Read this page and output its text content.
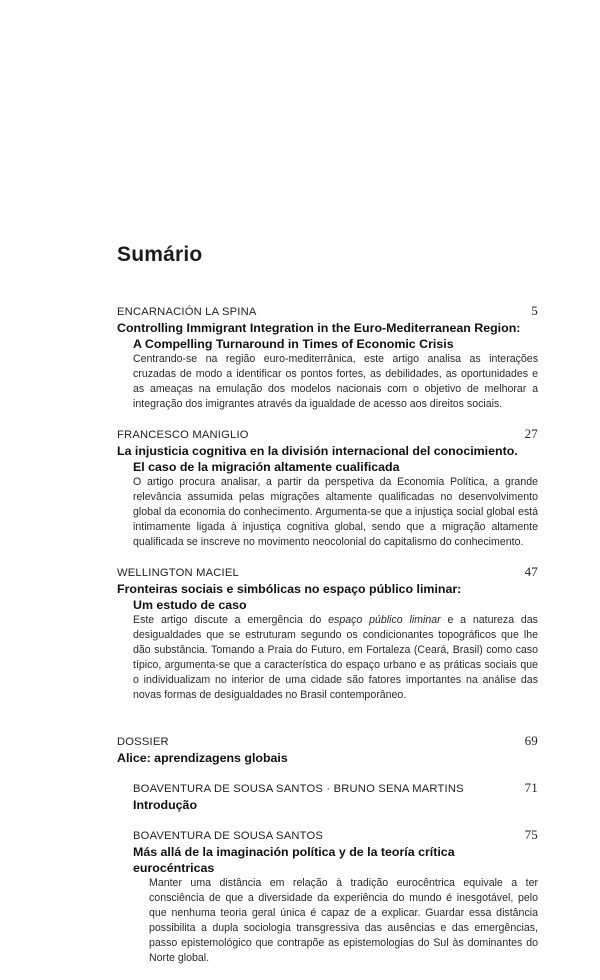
Sumário
ENCARNACIÓN LA SPINA	5
Controlling Immigrant Integration in the Euro-Mediterranean Region:
A Compelling Turnaround in Times of Economic Crisis
Centrando-se na região euro-mediterrânica, este artigo analisa as interações cruzadas de modo a identificar os pontos fortes, as debilidades, as oportunidades e as ameaças na emulação dos modelos nacionais com o objetivo de melhorar a integração dos imigrantes através da igualdade de acesso aos direitos sociais.
FRANCESCO MANIGLIO	27
La injusticia cognitiva en la división internacional del conocimiento.
El caso de la migración altamente cualificada
O artigo procura analisar, a partir da perspetiva da Economia Política, a grande relevância assumida pelas migrações altamente qualificadas no desenvolvimento global da economia do conhecimento. Argumenta-se que a injustiça social global está intimamente ligada à injustiça cognitiva global, sendo que a migração altamente qualificada se inscreve no movimento neocolonial do capitalismo do conhecimento.
WELLINGTON MACIEL	47
Fronteiras sociais e simbólicas no espaço público liminar:
Um estudo de caso
Este artigo discute a emergência do espaço público liminar e a natureza das desigualdades que se estruturam segundo os condicionantes topográficos que lhe dão substância. Tomando a Praia do Futuro, em Fortaleza (Ceará, Brasil) como caso típico, argumenta-se que a característica do espaço urbano e as práticas sociais que o individualizam no interior de uma cidade são fatores importantes na análise das novas formas de desigualdades no Brasil contemporâneo.
DOSSIER	69
Alice: aprendizagens globais
BOAVENTURA DE SOUSA SANTOS · BRUNO SENA MARTINS	71
Introdução
BOAVENTURA DE SOUSA SANTOS	75
Más allá de la imaginación política y de la teoría crítica eurocéntricas
Manter uma distância em relação à tradição eurocêntrica equivale a ter consciência de que a diversidade da experiência do mundo é inesgotável, pelo que nenhuma teoria geral única é capaz de a explicar. Guardar essa distância possibilita a dupla sociologia transgressiva das ausências e das emergências, passo epistemológico que contrapõe as epistemologias do Sul às dominantes do Norte global.
